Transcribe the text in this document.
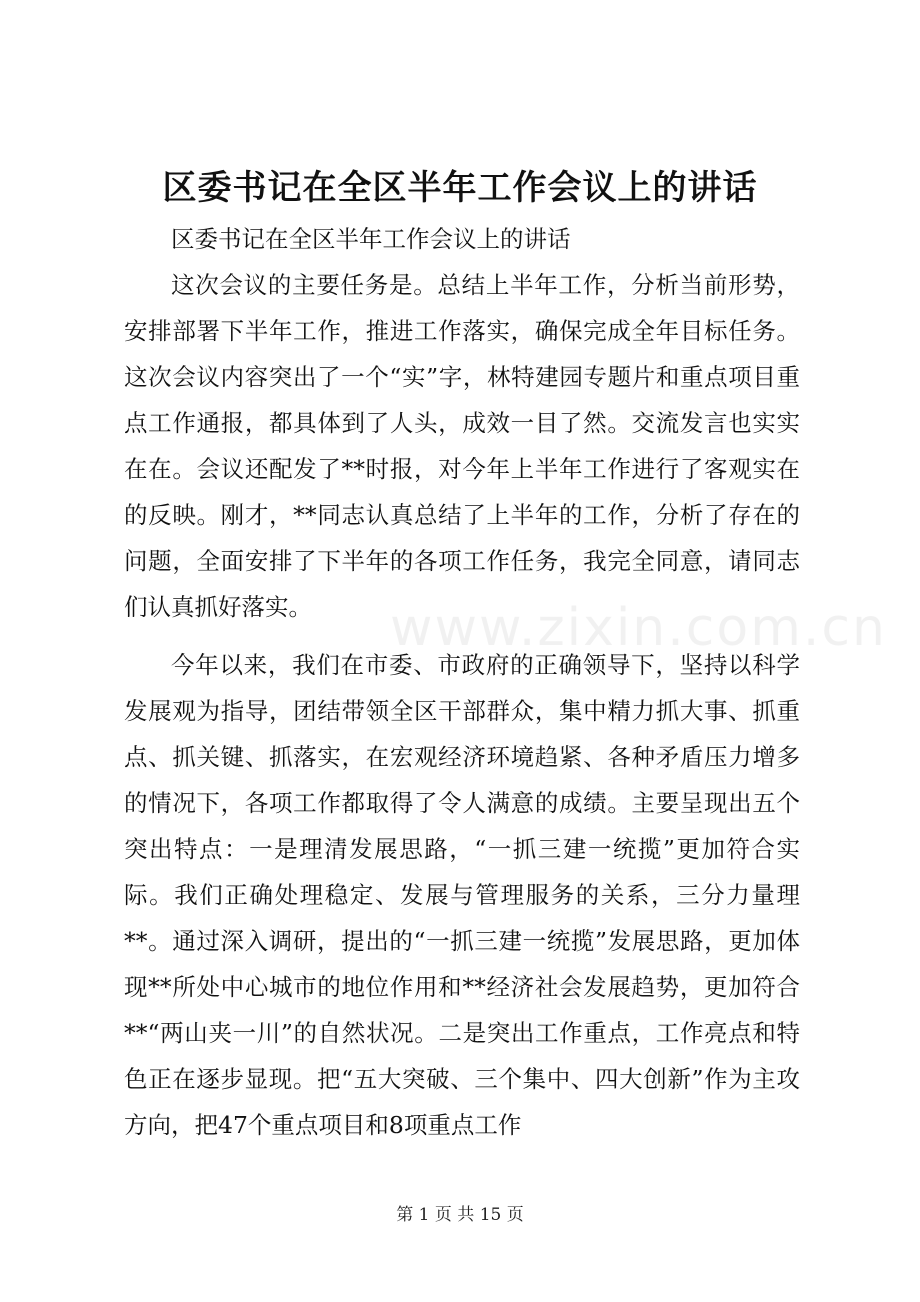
区委书记在全区半年工作会议上的讲话

区委书记在全区半年工作会议上的讲话

这次会议的主要任务是。总结上半年工作，分析当前形势，安排部署下半年工作，推进工作落实，确保完成全年目标任务。这次会议内容突出了一个“实”字，林特建园专题片和重点项目重点工作通报，都具体到了人头，成效一目了然。交流发言也实实在在。会议还配发了**时报，对今年上半年工作进行了客观实在的反映。刚才，**同志认真总结了上半年的工作，分析了存在的问题，全面安排了下半年的各项工作任务，我完全同意，请同志们认真抓好落实。

今年以来，我们在市委、市政府的正确领导下，坚持以科学发展观为指导，团结带领全区干部群众，集中精力抓大事、抓重点、抓关键、抓落实，在宏观经济环境趋紧、各种矛盾压力增多的情况下，各项工作都取得了令人满意的成绩。主要呈现出五个突出特点：一是理清发展思路，“一抓三建一统揽”更加符合实际。我们正确处理稳定、发展与管理服务的关系，三分力量理**。通过深入调研，提出的“一抓三建一统揽”发展思路，更加体现**所处中心城市的地位作用和**经济社会发展趋势，更加符合**“两山夹一川”的自然状况。二是突出工作重点，工作亮点和特色正在逐步显现。把“五大突破、三个集中、四大创新”作为主攻方向，把47个重点项目和8项重点工作

www.zixin.com.cn
第 1 页 共 15 页
